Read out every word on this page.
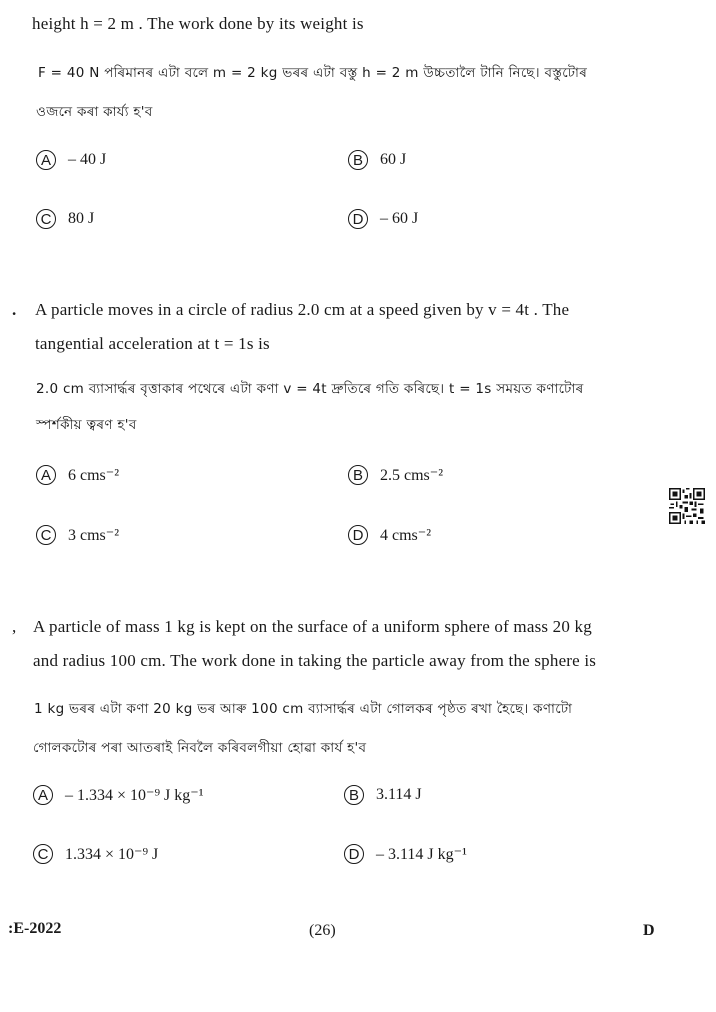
height h = 2 m . The work done by its weight is
F = 40 N পৰিমানৰ এটা বলে m = 2 kg ভৰৰ এটা বস্তু h = 2 m উচ্চতালৈ টানি নিছে। বস্তুটোৰ
ওজনে কৰা কাৰ্য্য হ'ব
A	– 40 J	B	60 J
C 80 J	D – 60 J
. A particle moves in a circle of radius 2.0 cm at a speed given by v = 4t . The
tangential acceleration at t = 1s is
2.0 cm ব্যাসাৰ্দ্ধৰ বৃত্তাকাৰ পথেৰে এটা কণা v = 4t দ্ৰুতিৰে গতি কৰিছে। t = 1s সময়ত কণাটোৰ
স্পৰ্শকীয় ত্বৰণ হ'ব
A	6 cms⁻²	B	2.5 cms⁻²
C 3 cms⁻²	D 4 cms⁻²
, A particle of mass 1 kg is kept on the surface of a uniform sphere of mass 20 kg
and radius 100 cm. The work done in taking the particle away from the sphere is
1 kg ভৰৰ এটা কণা 20 kg ভৰ আৰু 100 cm ব্যাসাৰ্দ্ধৰ এটা গোলকৰ পৃষ্ঠত ৰখা হৈছে। কণাটো
গোলকটোৰ পৰা আতৰাই নিবলৈ কৰিবলগীয়া হোৱা কাৰ্য হ'ব
A	– 1.334 × 10⁻⁹ J kg⁻¹	B	3.114 J
C 1.334 × 10⁻⁹ J	D – 3.114 J kg⁻¹
:E-2022	(26)	D
